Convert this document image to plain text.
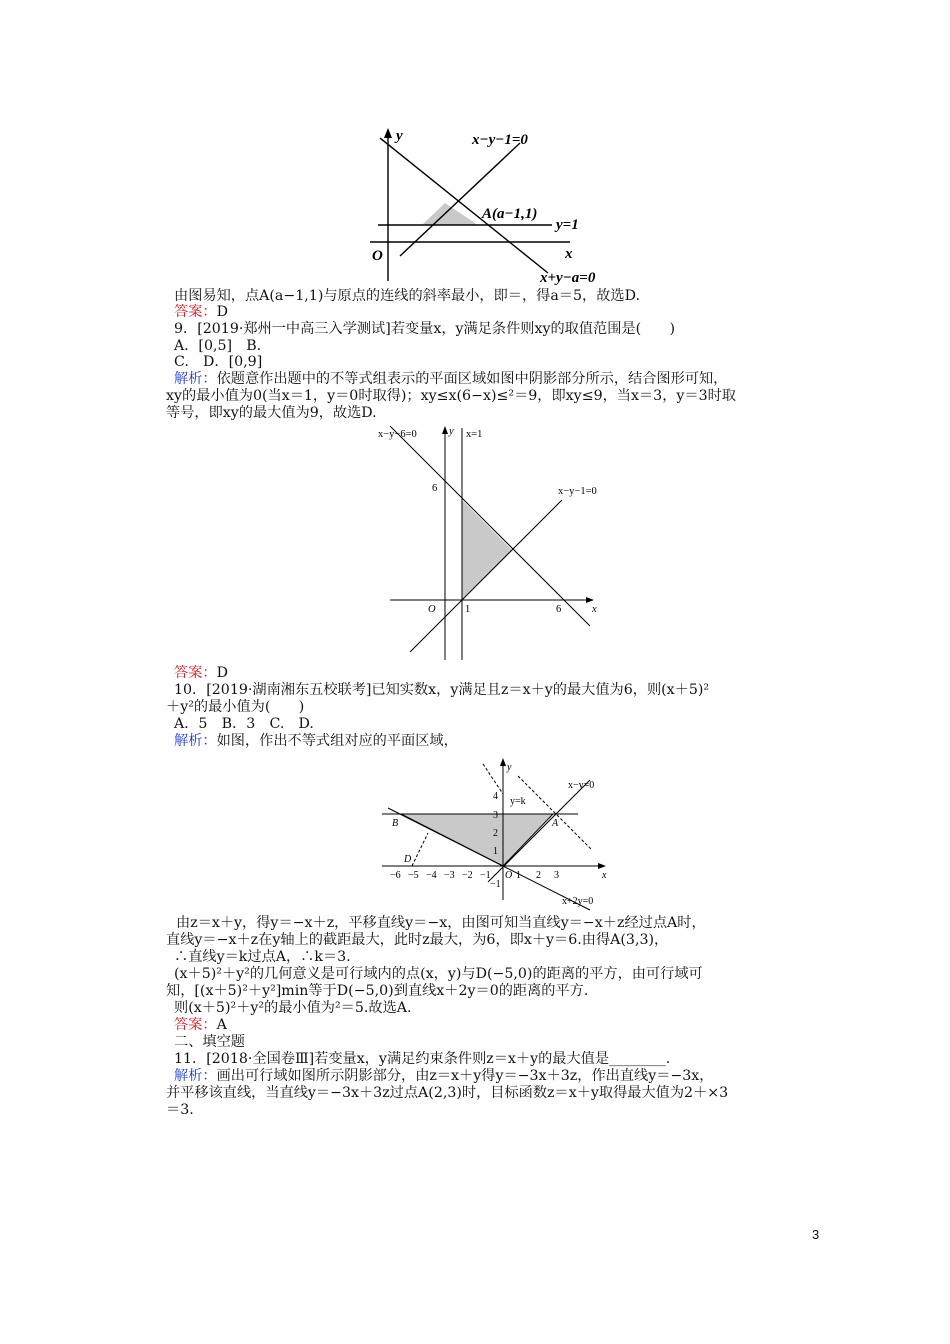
y
x
O
x−y−1=0
A(a−1,1)
y=1
x+y−a=0
由图易知，点A(a−1,1)与原点的连线的斜率最小，即＝，得a＝5，故选D.
答案：D
9．[2019·郑州一中高三入学测试]若变量x，y满足条件则xy的取值范围是(　　)
A．[0,5]　B.
C.　D．[0,9]
解析：依题意作出题中的不等式组表示的平面区域如图中阴影部分所示，结合图形可知，
xy的最小值为0(当x＝1，y＝0时取得)；xy≤x(6−x)≤²＝9，即xy≤9，当x＝3，y＝3时取
等号，即xy的最大值为9，故选D.
x−y−6=0	y x=1
x−y−1=0
6
O	1	6	x
答案：D
10．[2019·湖南湘东五校联考]已知实数x，y满足且z＝x＋y的最大值为6，则(x＋5)²
＋y²的最小值为(　　)
A．5　B．3　C.　D.
解析：如图，作出不等式组对应的平面区域，
y
x−y=0
y=k
4
3
2
1
−1
B	A
D
−6 −5 −4 −3 −2 −1 O 1 2 3	x
x+2y=0
由z＝x＋y，得y＝−x＋z，平移直线y＝−x，由图可知当直线y＝−x＋z经过点A时，
直线y＝−x＋z在y轴上的截距最大，此时z最大，为6，即x＋y＝6.由得A(3,3)，
∴直线y＝k过点A，∴k＝3.
(x＋5)²＋y²的几何意义是可行域内的点(x，y)与D(−5,0)的距离的平方，由可行域可
知，[(x＋5)²＋y²]min等于D(−5,0)到直线x＋2y＝0的距离的平方.
则(x＋5)²＋y²的最小值为²＝5.故选A.
答案：A
二、填空题
11．[2018·全国卷Ⅲ]若变量x，y满足约束条件则z＝x＋y的最大值是________.
解析：画出可行域如图所示阴影部分，由z＝x＋y得y＝−3x＋3z，作出直线y＝−3x，
并平移该直线，当直线y＝−3x＋3z过点A(2,3)时，目标函数z＝x＋y取得最大值为2＋×3
＝3.
3
